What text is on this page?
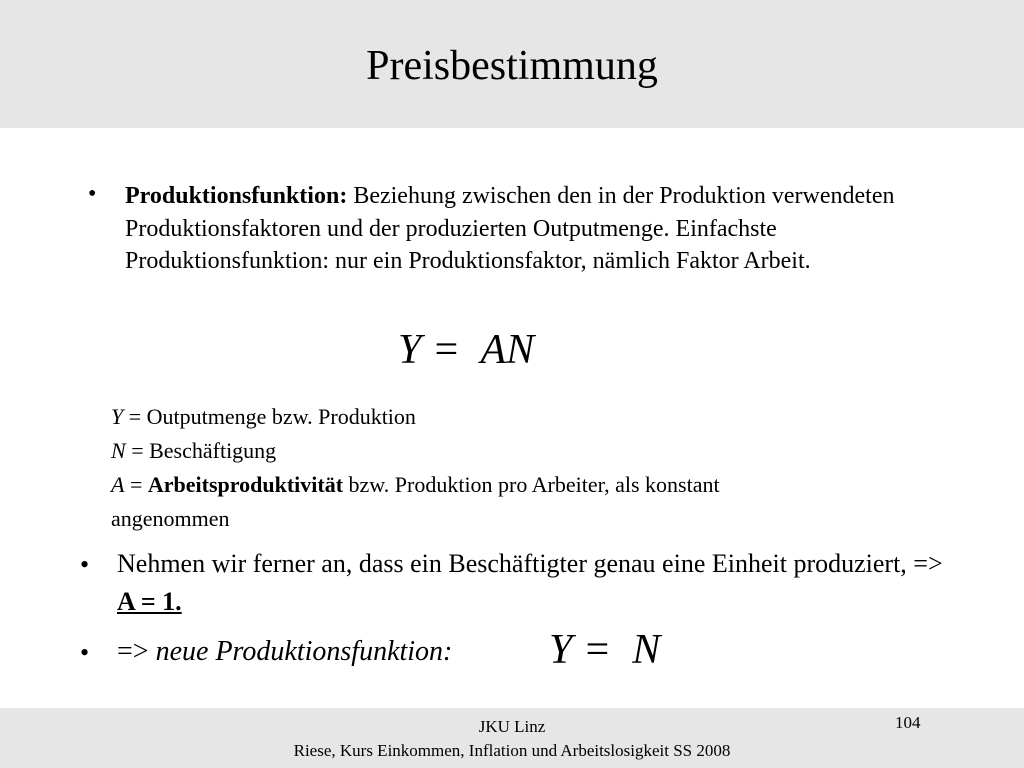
Preisbestimmung
• Produktionsfunktion: Beziehung zwischen den in der Produktion verwendeten Produktionsfaktoren und der produzierten Outputmenge. Einfachste Produktionsfunktion: nur ein Produktionsfaktor, nämlich Faktor Arbeit.
Y =  AN
Y = Outputmenge bzw. Produktion
N = Beschäftigung
A = Arbeitsproduktivität bzw. Produktion pro Arbeiter, als konstant
angenommen
• Nehmen wir ferner an, dass ein Beschäftigter genau eine Einheit produziert, => A = 1.
• => neue Produktionsfunktion: Y =  N
JKU Linz
Riese, Kurs Einkommen, Inflation und Arbeitslosigkeit SS 2008
104
